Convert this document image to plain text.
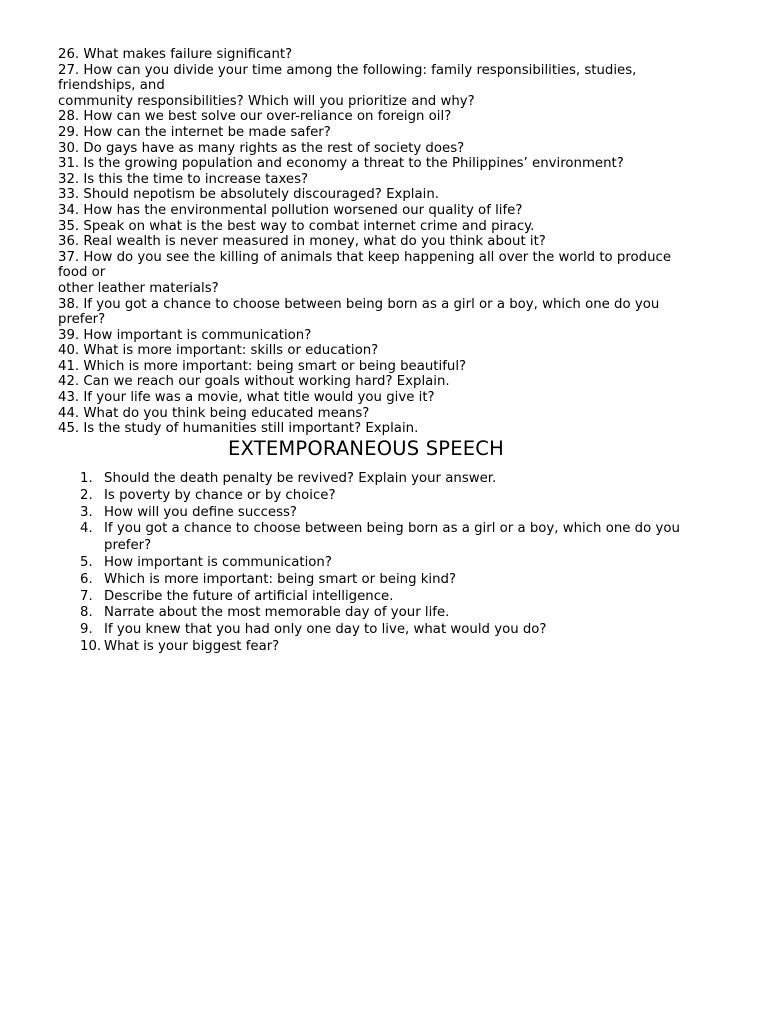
26. What makes failure significant?
27. How can you divide your time among the following: family responsibilities, studies, friendships, and
community responsibilities? Which will you prioritize and why?
28. How can we best solve our over-reliance on foreign oil?
29. How can the internet be made safer?
30. Do gays have as many rights as the rest of society does?
31. Is the growing population and economy a threat to the Philippines’ environment?
32. Is this the time to increase taxes?
33. Should nepotism be absolutely discouraged? Explain.
34. How has the environmental pollution worsened our quality of life?
35. Speak on what is the best way to combat internet crime and piracy.
36. Real wealth is never measured in money, what do you think about it?
37. How do you see the killing of animals that keep happening all over the world to produce food or
other leather materials?
38. If you got a chance to choose between being born as a girl or a boy, which one do you prefer?
39. How important is communication?
40. What is more important: skills or education?
41. Which is more important: being smart or being beautiful?
42. Can we reach our goals without working hard? Explain.
43. If your life was a movie, what title would you give it?
44. What do you think being educated means?
45. Is the study of humanities still important? Explain.
EXTEMPORANEOUS SPEECH
1. Should the death penalty be revived? Explain your answer.
2. Is poverty by chance or by choice?
3. How will you define success?
4. If you got a chance to choose between being born as a girl or a boy, which one do you prefer?
5. How important is communication?
6. Which is more important: being smart or being kind?
7. Describe the future of artificial intelligence.
8. Narrate about the most memorable day of your life.
9. If you knew that you had only one day to live, what would you do?
10. What is your biggest fear?
